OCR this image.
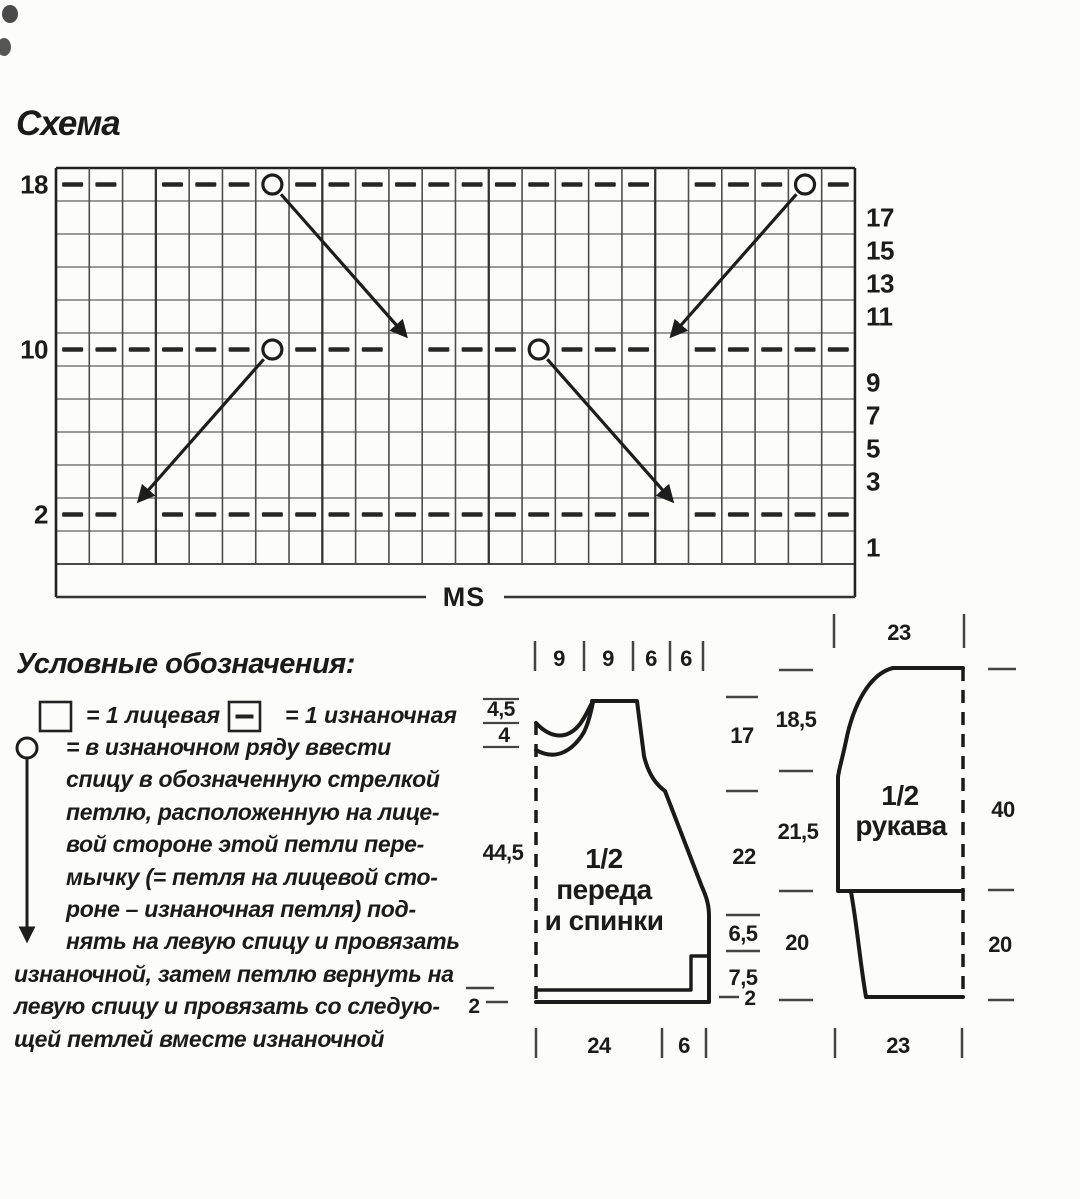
MS
18
10
2
17
15
13
11
9
7
5
3
1
9 9 6 6
4,5
4
44,5
2
24	6
17
22
6,5
7,5
2
18,5
21,5
20
1/2
переда
и спинки
23
23
40
20
1/2
рукава
Схема
Условные обозначения:
= 1 лицевая	= 1 изнаночная
= в изнаночном ряду ввести
спицу в обозначенную стрелкой
петлю, расположенную на лице-
вой стороне этой петли пере-
мычку (= петля на лицевой сто-
роне – изнаночная петля) под-
нять на левую спицу и провязать
изнаночной, затем петлю вернуть на
левую спицу и провязать со следую-
щей петлей вместе изнаночной
